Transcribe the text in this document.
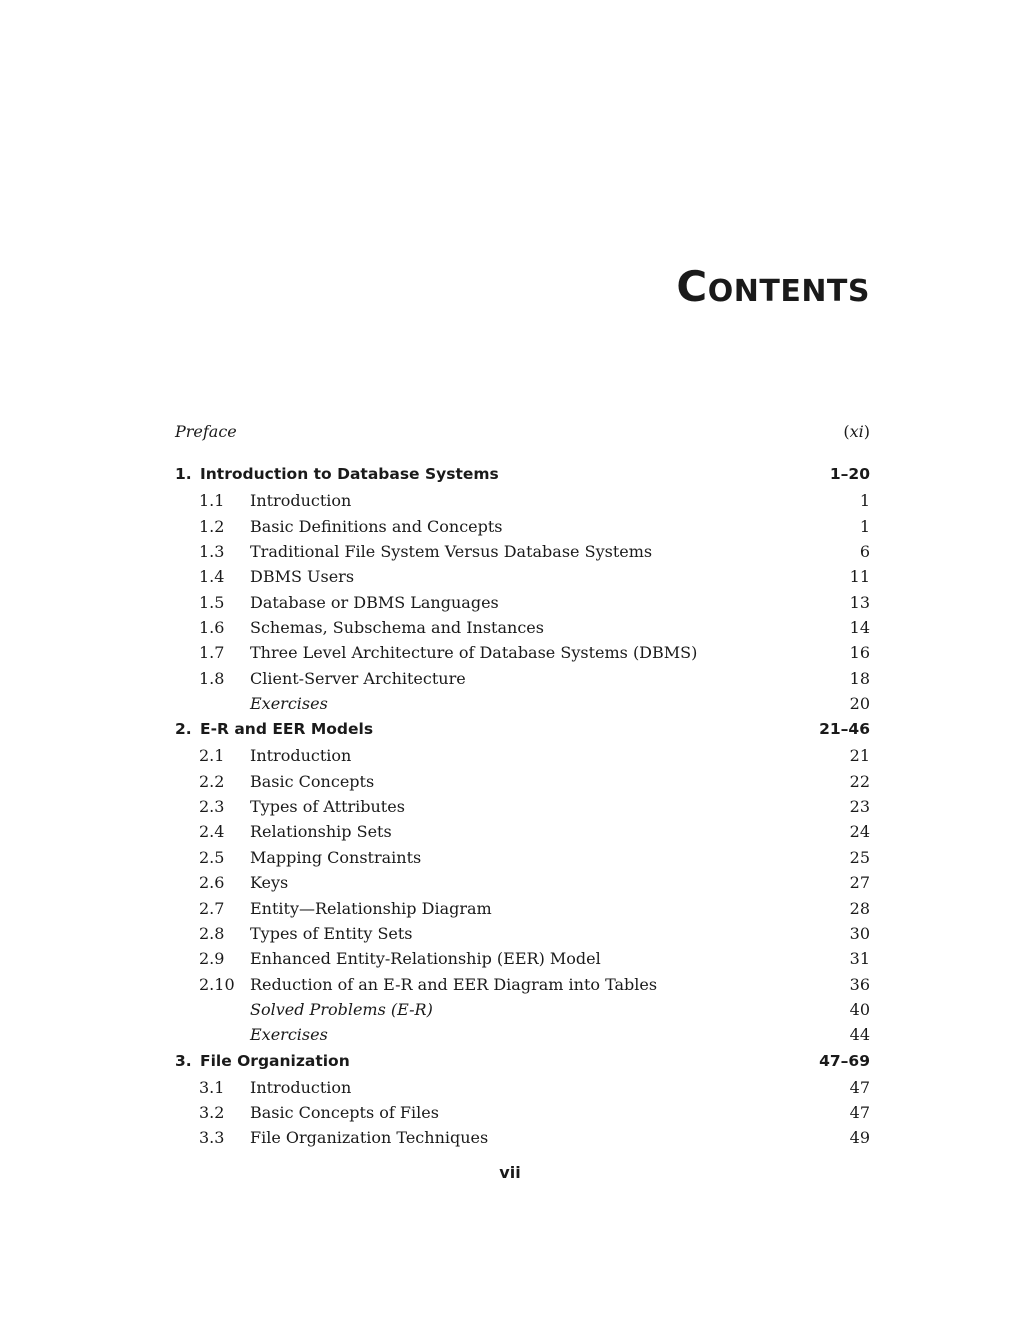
CONTENTS
Preface	(xi)
1. Introduction to Database Systems	1–20
1.1 Introduction	1
1.2 Basic Definitions and Concepts	1
1.3 Traditional File System Versus Database Systems	6
1.4 DBMS Users	11
1.5 Database or DBMS Languages	13
1.6 Schemas, Subschema and Instances	14
1.7 Three Level Architecture of Database Systems (DBMS)	16
1.8 Client-Server Architecture	18
Exercises	20
2. E-R and EER Models	21–46
2.1 Introduction	21
2.2 Basic Concepts	22
2.3 Types of Attributes	23
2.4 Relationship Sets	24
2.5 Mapping Constraints	25
2.6 Keys	27
2.7 Entity—Relationship Diagram	28
2.8 Types of Entity Sets	30
2.9 Enhanced Entity-Relationship (EER) Model	31
2.10 Reduction of an E-R and EER Diagram into Tables	36
Solved Problems (E-R)	40
Exercises	44
3. File Organization	47–69
3.1 Introduction	47
3.2 Basic Concepts of Files	47
3.3 File Organization Techniques	49
vii
